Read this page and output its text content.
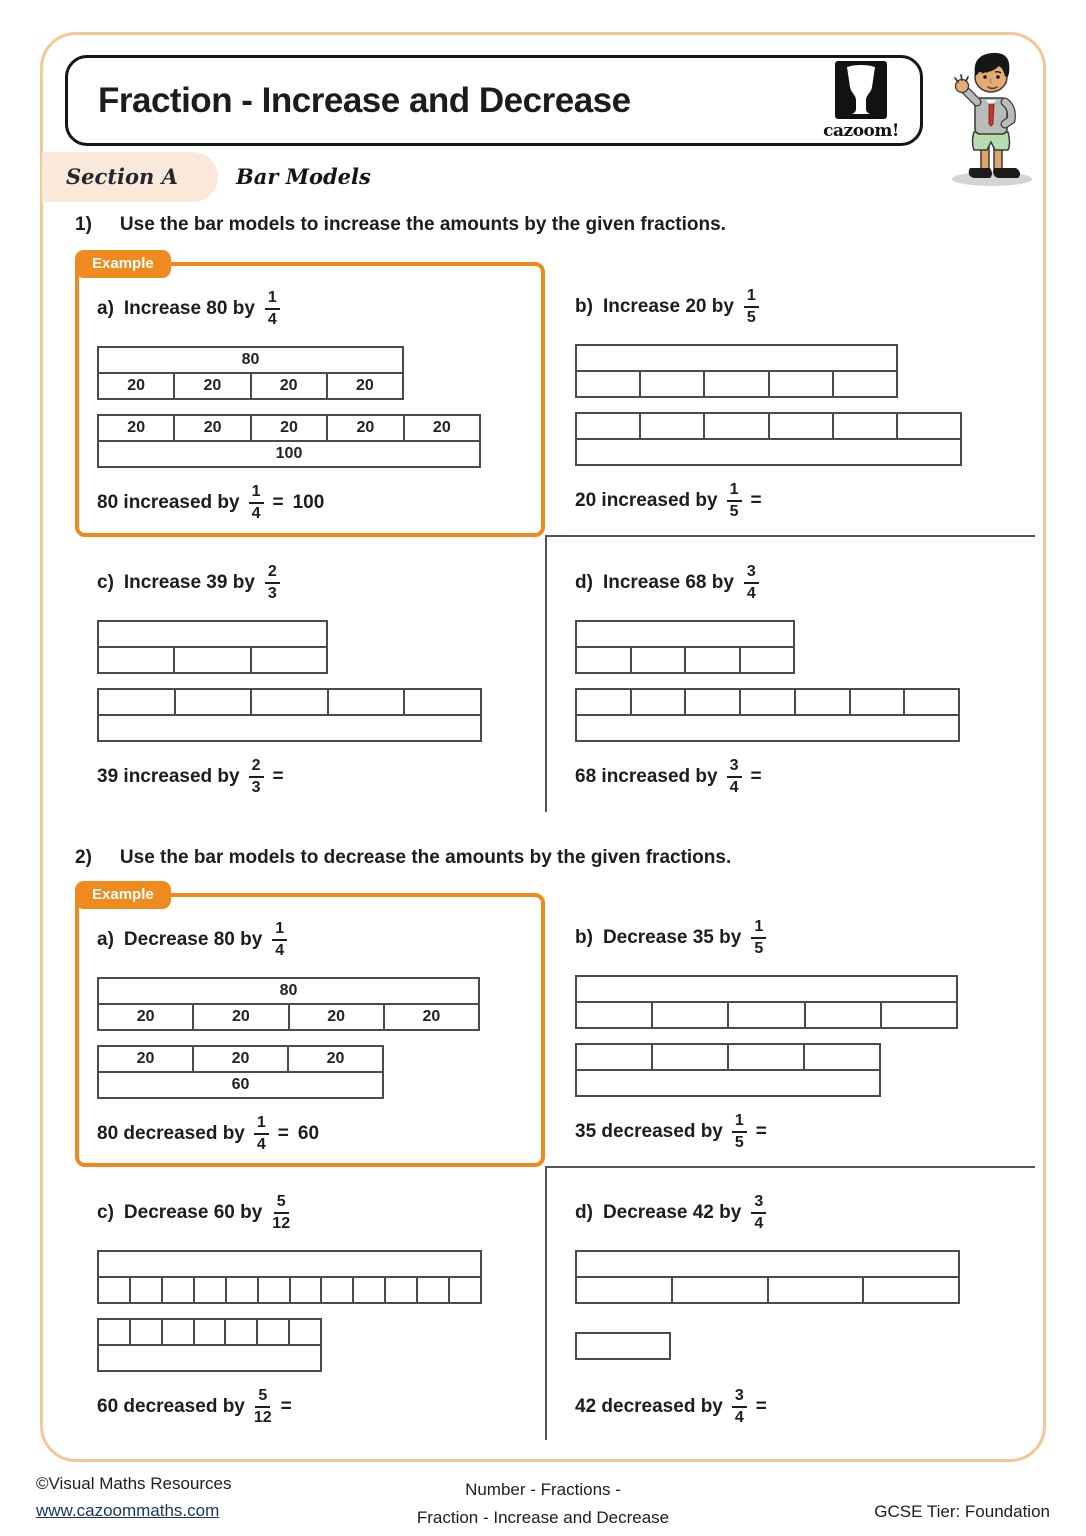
Fraction - Increase and Decrease
cazoom!
Section A	Bar Models
1) Use the bar models to increase the amounts by the given fractions.
Example
a) Increase 80 by $\frac{1}{4}$
80
20	20	20	20
20	20	20	20	20
100
80 increased by $\frac{1}{4} = 100$
b) Increase 20 by $\frac{1}{5}$
20 increased by $\frac{1}{5}$ =
c) Increase 39 by $\frac{2}{3}$
39 increased by $\frac{2}{3}$ =
d) Increase 68 by $\frac{3}{4}$
68 increased by $\frac{3}{4}$ =
2) Use the bar models to decrease the amounts by the given fractions.
Example
a) Decrease 80 by $\frac{1}{4}$
80
20	20	20	20
20	20	20
60
80 decreased by $\frac{1}{4} = 60$
b) Decrease 35 by $\frac{1}{5}$
35 decreased by $\frac{1}{5}$ =
c) Decrease 60 by $\frac{5}{12}$
60 decreased by $\frac{5}{12}$ =
d) Decrease 42 by $\frac{3}{4}$
42 decreased by $\frac{3}{4}$ =
©Visual Maths Resources
www.cazoommaths.com
Number - Fractions -
Fraction - Increase and Decrease	GCSE Tier: Foundation
